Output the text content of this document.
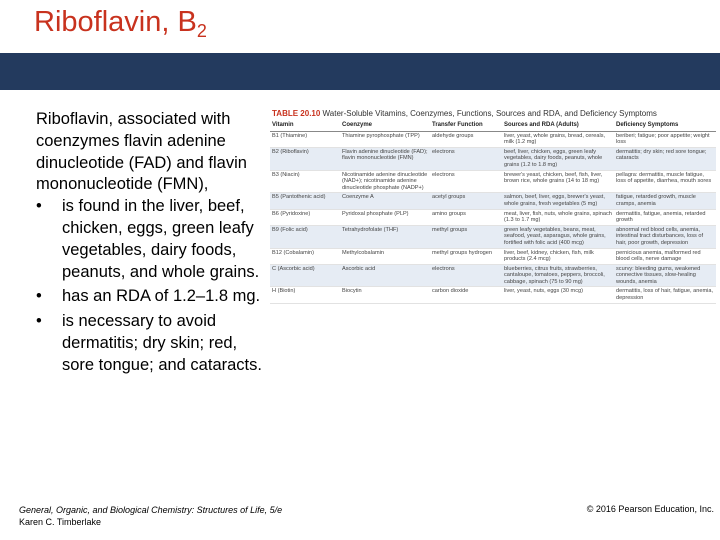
Riboflavin, $B_2$
Riboflavin, associated with
coenzymes flavin adenine
dinucleotide (FAD) and flavin
mononucleotide (FMN),
•	is found in the liver, beef, chicken, eggs, green leafy vegetables, dairy foods, peanuts, and whole grains.
•	has an RDA of 1.2–1.8 mg.
•	is necessary to avoid dermatitis; dry skin; red, sore tongue; and cataracts.
TABLE 20.10 Water-Soluble Vitamins, Coenzymes, Functions, Sources and RDA, and Deficiency Symptoms
Vitamin	Coenzyme	Transfer Function	Sources and RDA (Adults)	Deficiency Symptoms
B1 (Thiamine)	Thiamine pyrophosphate (TPP)	aldehyde groups	liver, yeast, whole grains, bread, cereals, milk (1.2 mg)	beriberi; fatigue; poor appetite; weight loss
B2 (Riboflavin)	Flavin adenine dinucleotide (FAD); flavin mononucleotide (FMN)	electrons	beef, liver, chicken, eggs, green leafy vegetables, dairy foods, peanuts, whole grains (1.2 to 1.8 mg)	dermatitis; dry skin; red sore tongue; cataracts
B3 (Niacin)	Nicotinamide adenine dinucleotide (NAD+); nicotinamide adenine dinucleotide phosphate (NADP+)	electrons	brewer's yeast, chicken, beef, fish, liver, brown rice, whole grains (14 to 18 mg)	pellagra: dermatitis, muscle fatigue, loss of appetite, diarrhea, mouth sores
B5 (Pantothenic acid)	Coenzyme A	acetyl groups	salmon, beef, liver, eggs, brewer's yeast, whole grains, fresh vegetables (5 mg)	fatigue, retarded growth, muscle cramps, anemia
B6 (Pyridoxine)	Pyridoxal phosphate (PLP)	amino groups	meat, liver, fish, nuts, whole grains, spinach (1.3 to 1.7 mg)	dermatitis, fatigue, anemia, retarded growth
B9 (Folic acid)	Tetrahydrofolate (THF)	methyl groups	green leafy vegetables, beans, meat, seafood, yeast, asparagus, whole grains, fortified with folic acid (400 mcg)	abnormal red blood cells, anemia, intestinal tract disturbances, loss of hair, poor growth, depression
B12 (Cobalamin)	Methylcobalamin	methyl groups hydrogen	liver, beef, kidney, chicken, fish, milk products (2.4 mcg)	pernicious anemia, malformed red blood cells, nerve damage
C (Ascorbic acid)	Ascorbic acid	electrons	blueberries, citrus fruits, strawberries, cantaloupe, tomatoes, peppers, broccoli, cabbage, spinach (75 to 90 mg)	scurvy: bleeding gums, weakened connective tissues, slow-healing wounds, anemia
H (Biotin)	Biocytin	carbon dioxide	liver, yeast, nuts, eggs (30 mcg)	dermatitis, loss of hair, fatigue, anemia, depression
General, Organic, and Biological Chemistry: Structures of Life, 5/e
Karen C. Timberlake
© 2016 Pearson Education, Inc.
